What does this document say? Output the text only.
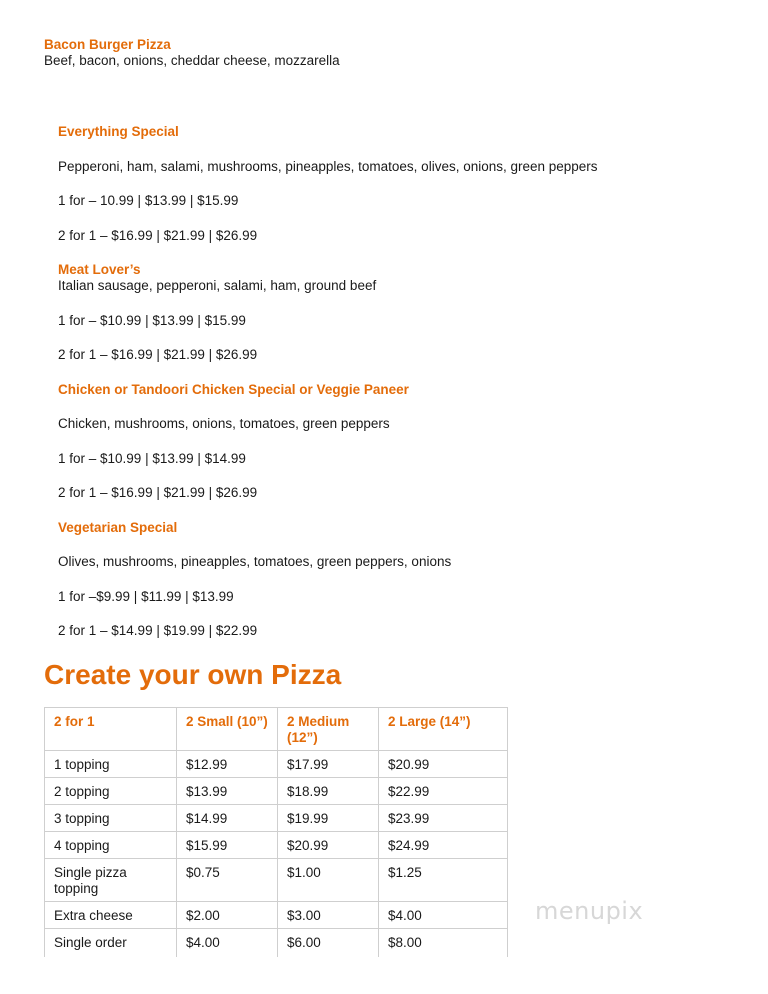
Bacon Burger Pizza
Beef, bacon, onions, cheddar cheese, mozzarella
Everything Special
Pepperoni, ham, salami, mushrooms, pineapples, tomatoes, olives, onions, green peppers
1 for – 10.99 | $13.99 | $15.99
2 for 1 – $16.99 | $21.99 | $26.99
Meat Lover’s
Italian sausage, pepperoni, salami, ham, ground beef
1 for – $10.99 | $13.99 | $15.99
2 for 1 – $16.99 | $21.99 | $26.99
Chicken or Tandoori Chicken Special or Veggie Paneer
Chicken, mushrooms, onions, tomatoes, green peppers
1 for – $10.99 | $13.99 | $14.99
2 for 1 – $16.99 | $21.99 | $26.99
Vegetarian Special
Olives, mushrooms, pineapples, tomatoes, green peppers, onions
1 for –$9.99 | $11.99 | $13.99
2 for 1 – $14.99 | $19.99 | $22.99
Create your own Pizza
2 for 1	2 Small (10”)	2 Medium (12”)	2 Large (14”)
1 topping	$12.99	$17.99	$20.99
2 topping	$13.99	$18.99	$22.99
3 topping	$14.99	$19.99	$23.99
4 topping	$15.99	$20.99	$24.99
Single pizza topping	$0.75	$1.00	$1.25
Extra cheese	$2.00	$3.00	$4.00
Single order	$4.00	$6.00	$8.00
menupix
